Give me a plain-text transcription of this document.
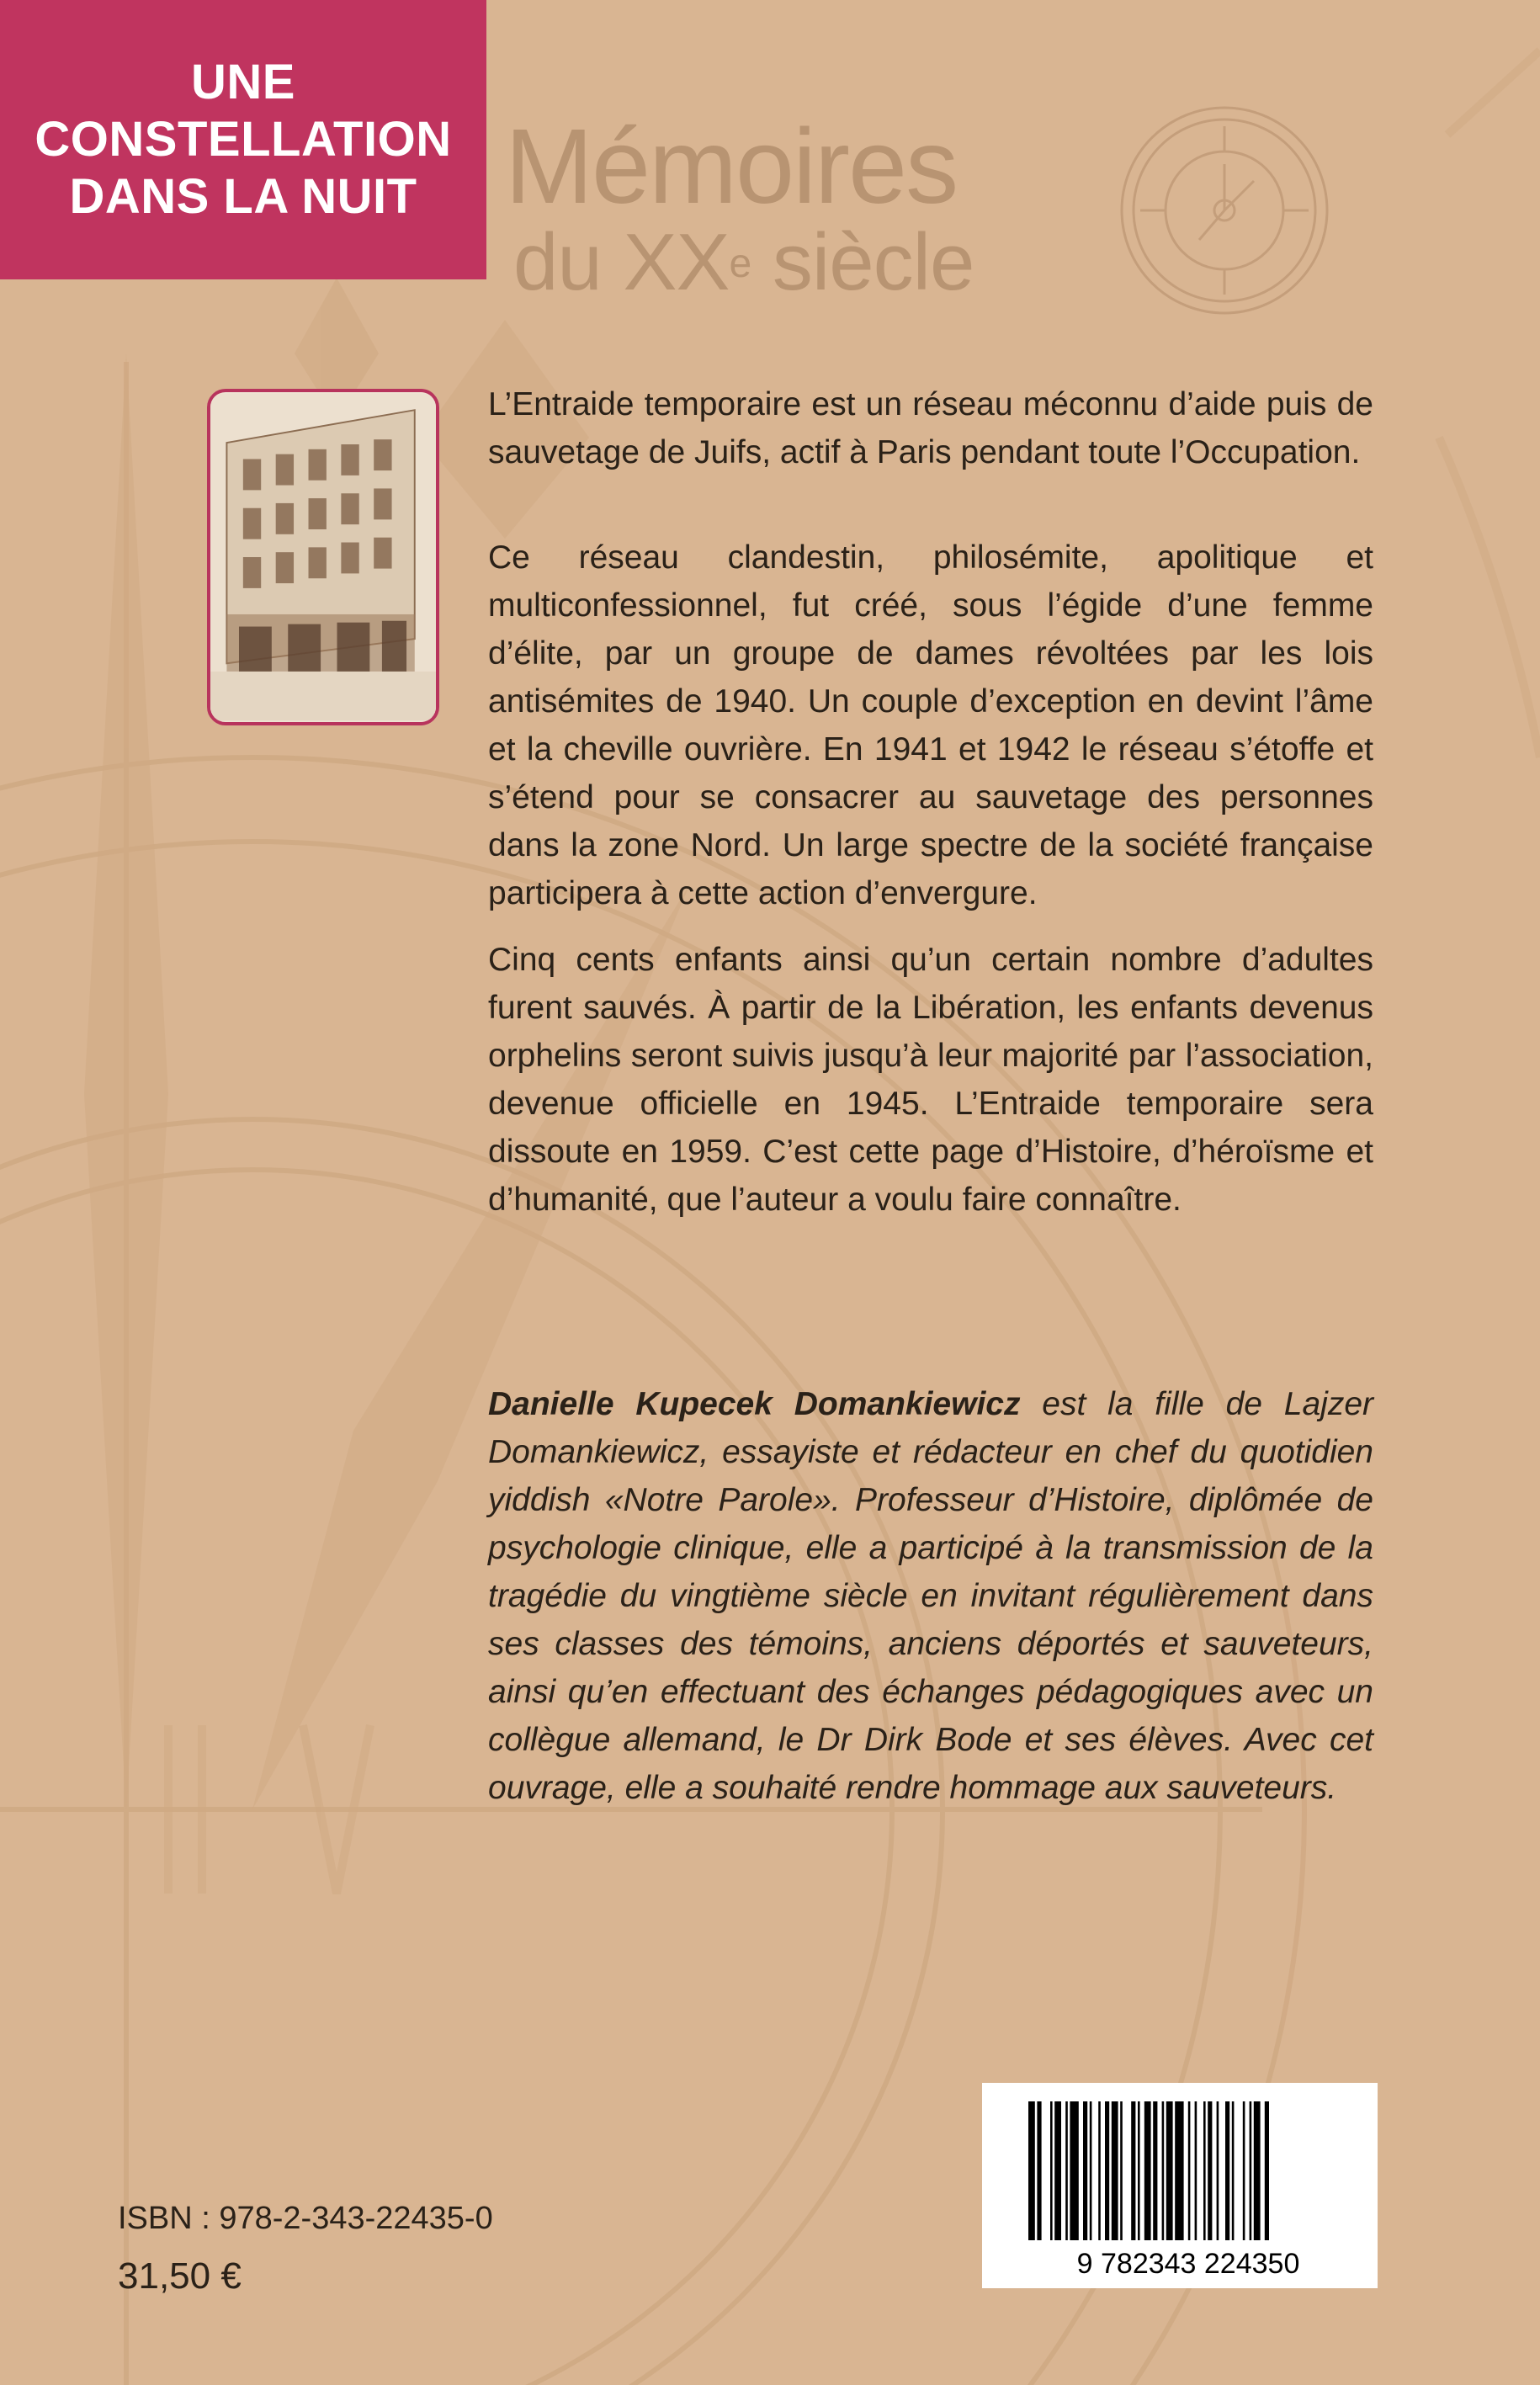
UNE
CONSTELLATION
DANS LA NUIT Mémoires
du XXe siècle

L’Entraide temporaire est un réseau méconnu d’aide puis de sauvetage de Juifs, actif à Paris pendant toute l’Occupation.

Ce réseau clandestin, philosémite, apolitique et multiconfessionnel, fut créé, sous l’égide d’une femme d’élite, par un groupe de dames révoltées par les lois antisémites de 1940. Un couple d’exception en devint l’âme et la cheville ouvrière. En 1941 et 1942 le réseau s’étoffe et s’étend pour se consacrer au sauvetage des personnes dans la zone Nord. Un large spectre de la société française participera à cette action d’envergure.

Cinq cents enfants ainsi qu’un certain nombre d’adultes furent sauvés. À partir de la Libération, les enfants devenus orphelins seront suivis jusqu’à leur majorité par l’association, devenue officielle en 1945. L’Entraide temporaire sera dissoute en 1959. C’est cette page d’Histoire, d’héroïsme et d’humanité, que l’auteur a voulu faire connaître.

Danielle Kupecek Domankiewicz est la fille de Lajzer Domankiewicz, essayiste et rédacteur en chef du quotidien yiddish «Notre Parole». Professeur d’Histoire, diplômée de psychologie clinique, elle a participé à la transmission de la tragédie du vingtième siècle en invitant régulièrement dans ses classes des témoins, anciens déportés et sauveteurs, ainsi qu’en effectuant des échanges pédagogiques avec un collègue allemand, le Dr Dirk Bode et ses élèves. Avec cet ouvrage, elle a souhaité rendre hommage aux sauveteurs.

9 782343 224350
ISBN : 978-2-343-22435-0
31,50 €
